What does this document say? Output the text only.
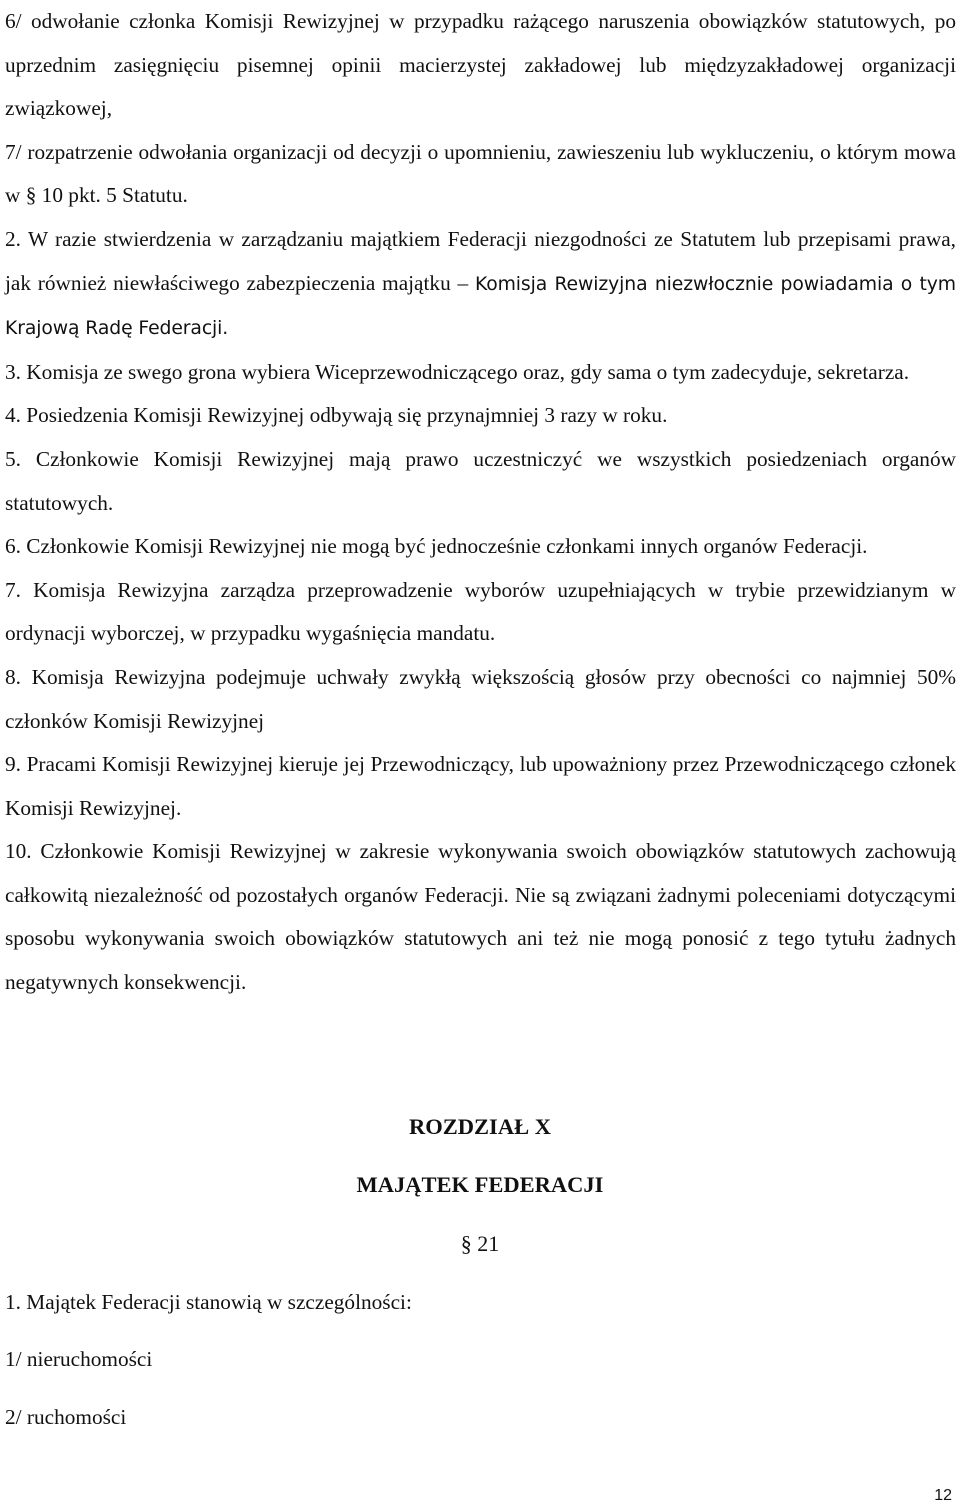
6/ odwołanie członka Komisji Rewizyjnej w przypadku rażącego naruszenia obowiązków statutowych, po uprzednim zasięgnięciu pisemnej opinii macierzystej zakładowej lub międzyzakładowej organizacji związkowej,

7/ rozpatrzenie odwołania organizacji od decyzji o upomnieniu, zawieszeniu lub wykluczeniu, o którym mowa w § 10 pkt. 5 Statutu.

2. W razie stwierdzenia w zarządzaniu majątkiem Federacji niezgodności ze Statutem lub przepisami prawa, jak również niewłaściwego zabezpieczenia majątku – Komisja Rewizyjna niezwłocznie powiadamia o tym Krajową Radę Federacji.

3. Komisja ze swego grona wybiera Wiceprzewodniczącego oraz, gdy sama o tym zadecyduje, sekretarza.

4. Posiedzenia Komisji Rewizyjnej odbywają się przynajmniej 3 razy w roku.

5. Członkowie Komisji Rewizyjnej mają prawo uczestniczyć we wszystkich posiedzeniach organów statutowych.

6. Członkowie Komisji Rewizyjnej nie mogą być jednocześnie członkami innych organów Federacji.

7. Komisja Rewizyjna zarządza przeprowadzenie wyborów uzupełniających w trybie przewidzianym w ordynacji wyborczej, w przypadku wygaśnięcia mandatu.

8. Komisja Rewizyjna podejmuje uchwały zwykłą większością głosów przy obecności co najmniej 50% członków Komisji Rewizyjnej

9. Pracami Komisji Rewizyjnej kieruje jej Przewodniczący, lub upoważniony przez Przewodniczącego członek Komisji Rewizyjnej.

10. Członkowie Komisji Rewizyjnej w zakresie wykonywania swoich obowiązków statutowych zachowują całkowitą niezależność od pozostałych organów Federacji. Nie są związani żadnymi poleceniami dotyczącymi sposobu wykonywania swoich obowiązków statutowych ani też nie mogą ponosić z tego tytułu żadnych negatywnych konsekwencji.

ROZDZIAŁ X
MAJĄTEK FEDERACJI
§ 21
1. Majątek Federacji stanowią w szczególności:
1/ nieruchomości
2/ ruchomości
12
